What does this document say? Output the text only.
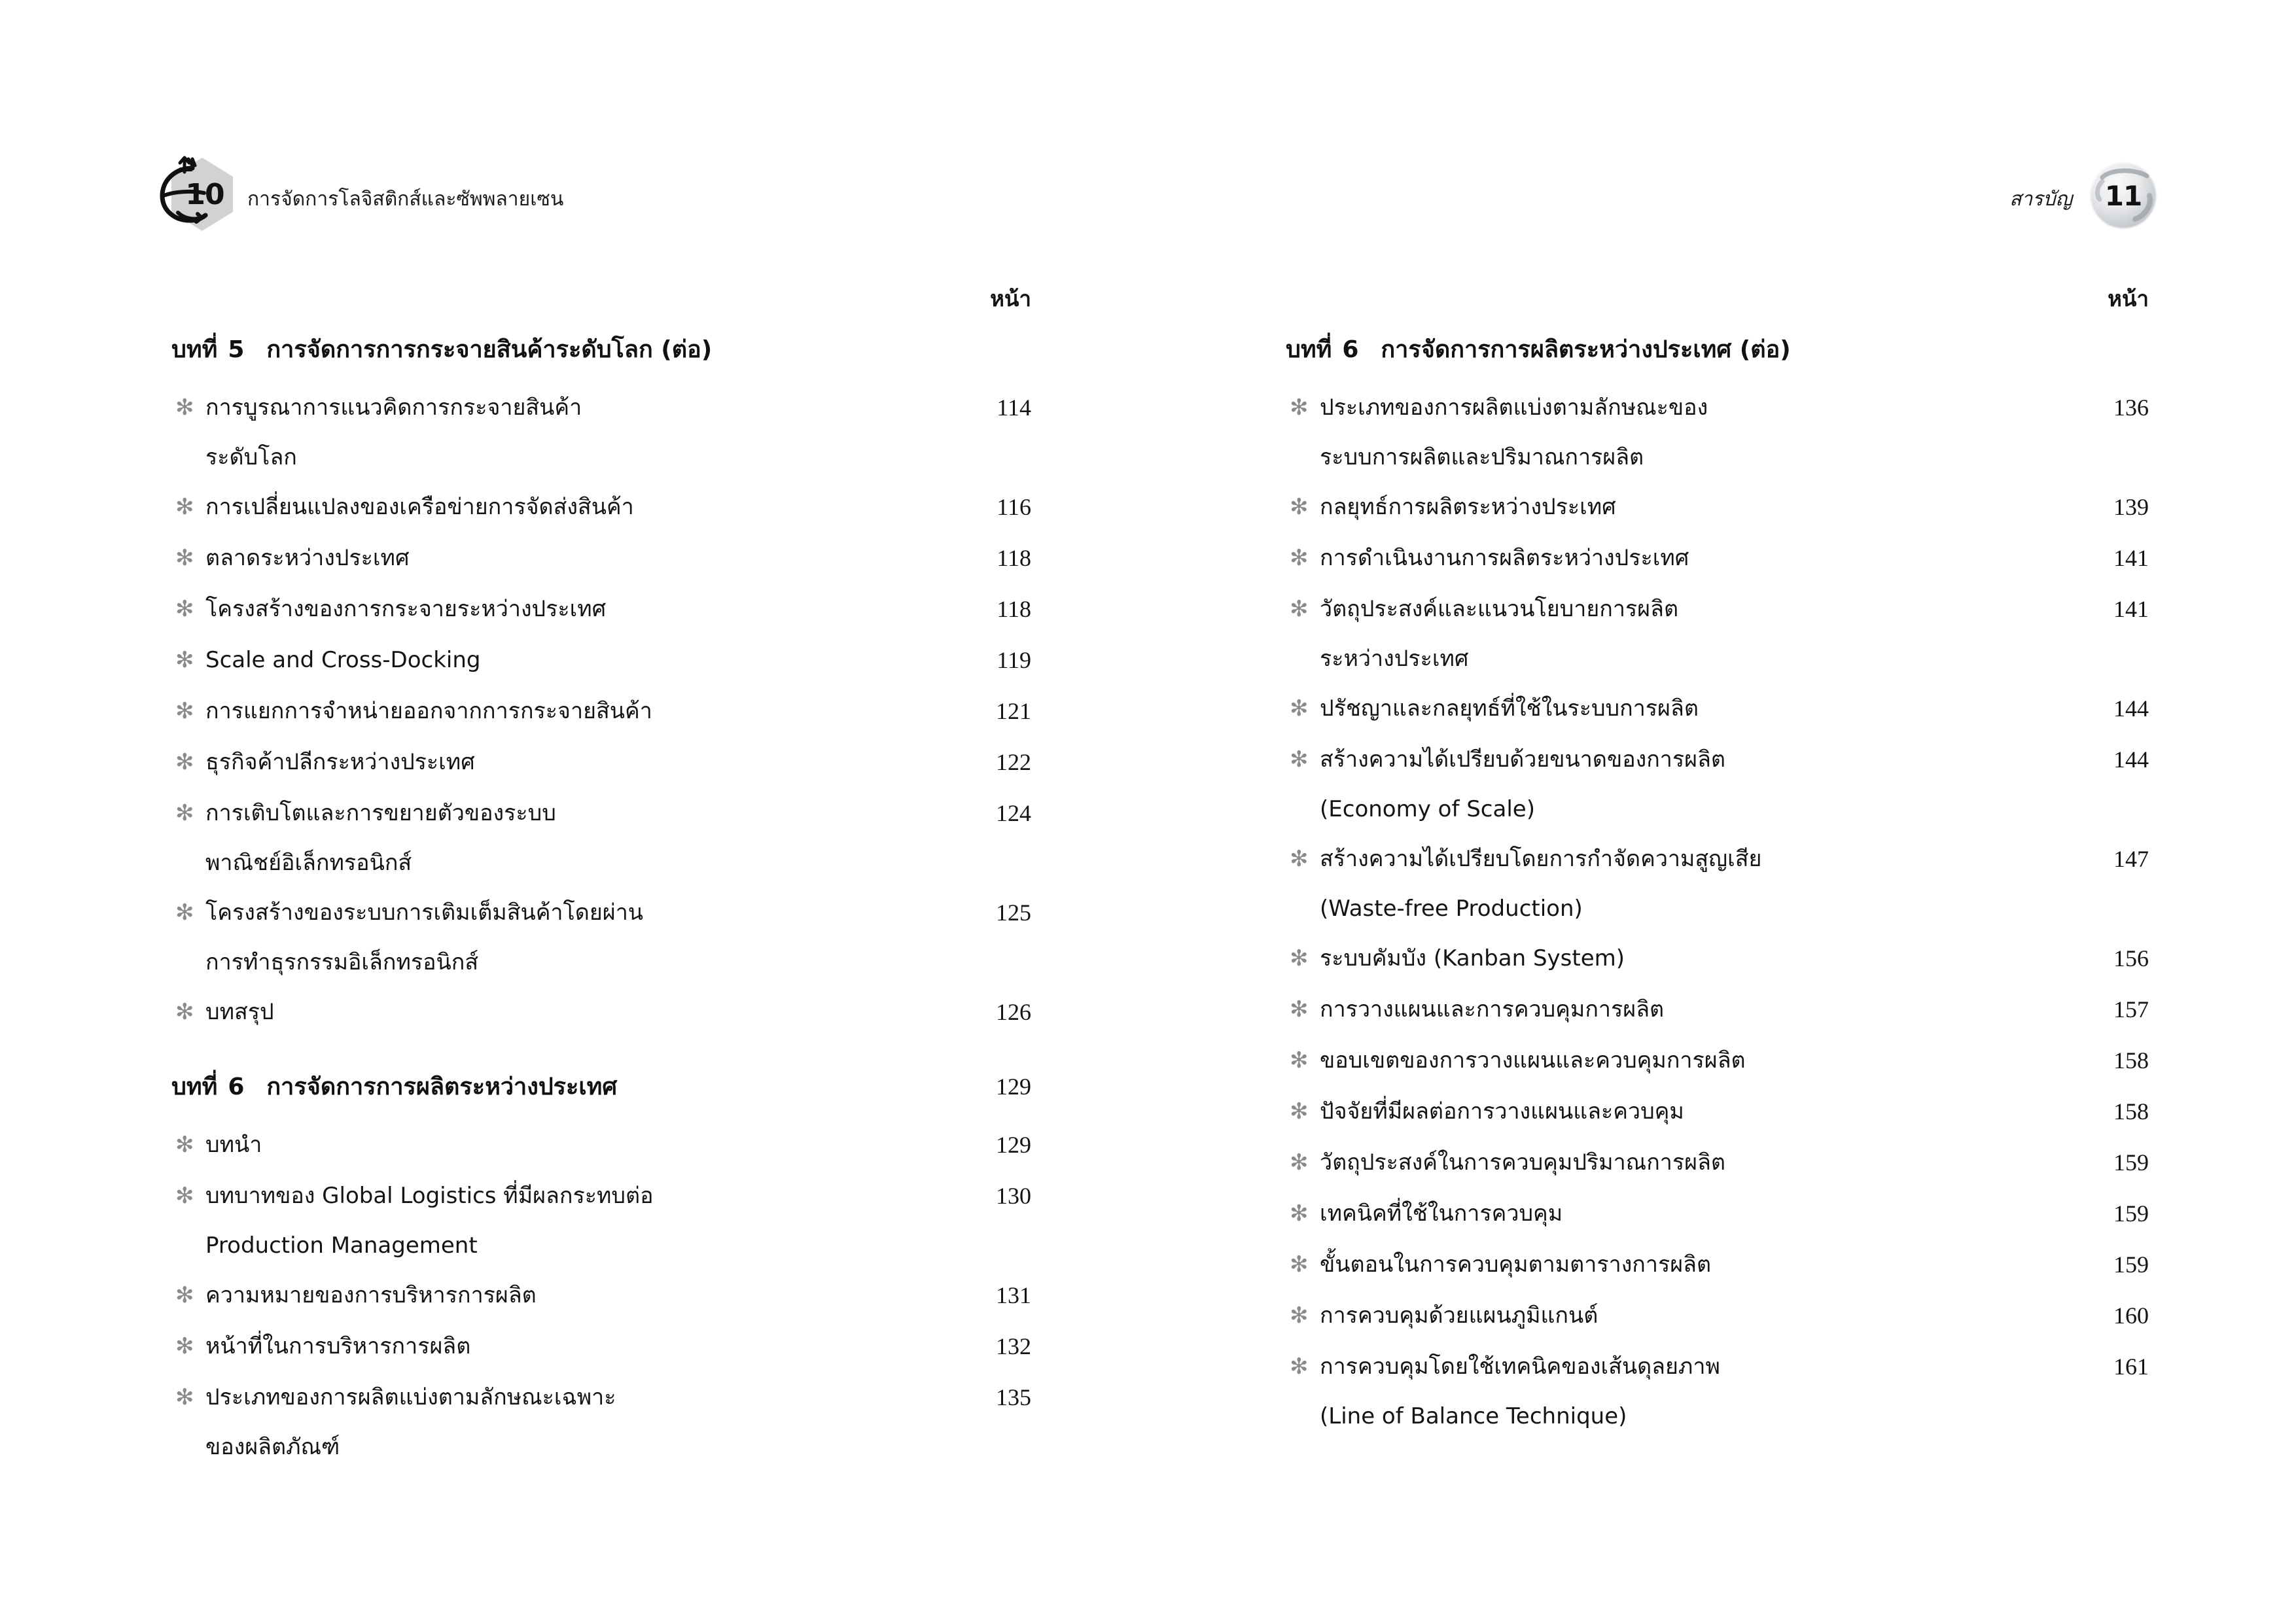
10	การจัดการโลจิสติกส์และซัพพลายเซน	สารบัญ	11
หน้า
บทที่ 5 การจัดการการกระจายสินค้าระดับโลก (ต่อ)
✻ การบูรณาการแนวคิดการกระจายสินค้า	114
ระดับโลก
✻ การเปลี่ยนแปลงของเครือข่ายการจัดส่งสินค้า	116
✻ ตลาดระหว่างประเทศ	118
✻ โครงสร้างของการกระจายระหว่างประเทศ	118
✻ Scale and Cross-Docking	119
✻ การแยกการจำหน่ายออกจากการกระจายสินค้า	121
✻ ธุรกิจค้าปลีกระหว่างประเทศ	122
✻ การเติบโตและการขยายตัวของระบบ	124
พาณิชย์อิเล็กทรอนิกส์
✻ โครงสร้างของระบบการเติมเต็มสินค้าโดยผ่าน	125
การทำธุรกรรมอิเล็กทรอนิกส์
✻ บทสรุป	126
บทที่ 6 การจัดการการผลิตระหว่างประเทศ	129
✻ บทนำ	129
✻ บทบาทของ Global Logistics ที่มีผลกระทบต่อ	130
Production Management
✻ ความหมายของการบริหารการผลิต	131
✻ หน้าที่ในการบริหารการผลิต	132
✻ ประเภทของการผลิตแบ่งตามลักษณะเฉพาะ	135
ของผลิตภัณฑ์
หน้า
บทที่ 6 การจัดการการผลิตระหว่างประเทศ (ต่อ)
✻ ประเภทของการผลิตแบ่งตามลักษณะของ	136
ระบบการผลิตและปริมาณการผลิต
✻ กลยุทธ์การผลิตระหว่างประเทศ	139
✻ การดำเนินงานการผลิตระหว่างประเทศ	141
✻ วัตถุประสงค์และแนวนโยบายการผลิต	141
ระหว่างประเทศ
✻ ปรัชญาและกลยุทธ์ที่ใช้ในระบบการผลิต	144
✻ สร้างความได้เปรียบด้วยขนาดของการผลิต	144
(Economy of Scale)
✻ สร้างความได้เปรียบโดยการกำจัดความสูญเสีย	147
(Waste-free Production)
✻ ระบบคัมบัง (Kanban System)	156
✻ การวางแผนและการควบคุมการผลิต	157
✻ ขอบเขตของการวางแผนและควบคุมการผลิต	158
✻ ปัจจัยที่มีผลต่อการวางแผนและควบคุม	158
✻ วัตถุประสงค์ในการควบคุมปริมาณการผลิต	159
✻ เทคนิคที่ใช้ในการควบคุม	159
✻ ขั้นตอนในการควบคุมตามตารางการผลิต	159
✻ การควบคุมด้วยแผนภูมิแกนต์	160
✻ การควบคุมโดยใช้เทคนิคของเส้นดุลยภาพ	161
(Line of Balance Technique)
